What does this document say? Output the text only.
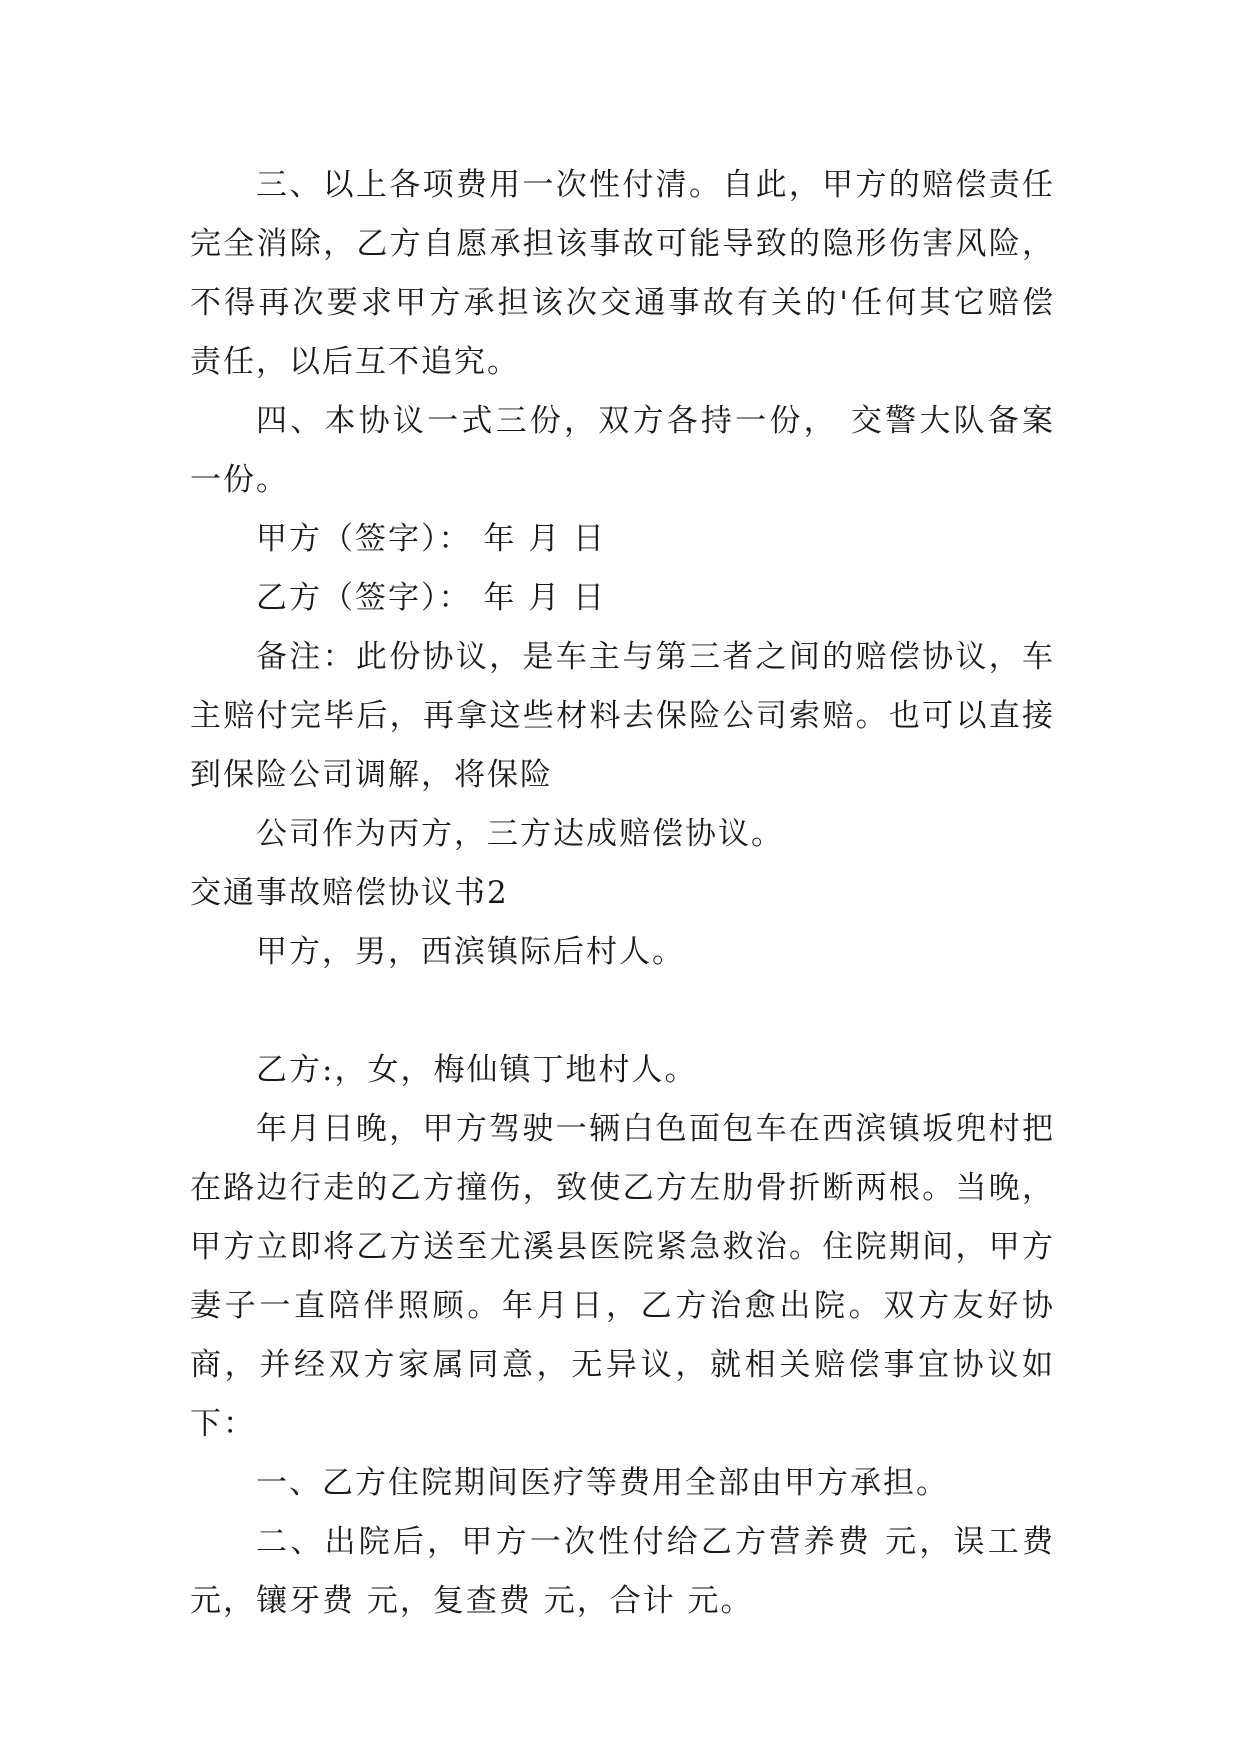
三、以上各项费用一次性付清。自此，甲方的赔偿责任完全消除，乙方自愿承担该事故可能导致的隐形伤害风险，不得再次要求甲方承担该次交通事故有关的'任何其它赔偿责任，以后互不追究。

四、本协议一式三份，双方各持一份， 交警大队备案一份。

甲方（签字）： 年 月 日

乙方（签字）： 年 月 日

备注：此份协议，是车主与第三者之间的赔偿协议，车主赔付完毕后，再拿这些材料去保险公司索赔。也可以直接到保险公司调解，将保险

公司作为丙方，三方达成赔偿协议。

交通事故赔偿协议书2

甲方，男，西滨镇际后村人。

乙方:，女，梅仙镇丁地村人。

年月日晚，甲方驾驶一辆白色面包车在西滨镇坂兜村把在路边行走的乙方撞伤，致使乙方左肋骨折断两根。当晚，甲方立即将乙方送至尤溪县医院紧急救治。住院期间，甲方妻子一直陪伴照顾。年月日，乙方治愈出院。双方友好协商，并经双方家属同意，无异议，就相关赔偿事宜协议如下：

一、乙方住院期间医疗等费用全部由甲方承担。

二、出院后，甲方一次性付给乙方营养费 元，误工费元，镶牙费 元，复查费 元，合计 元。
